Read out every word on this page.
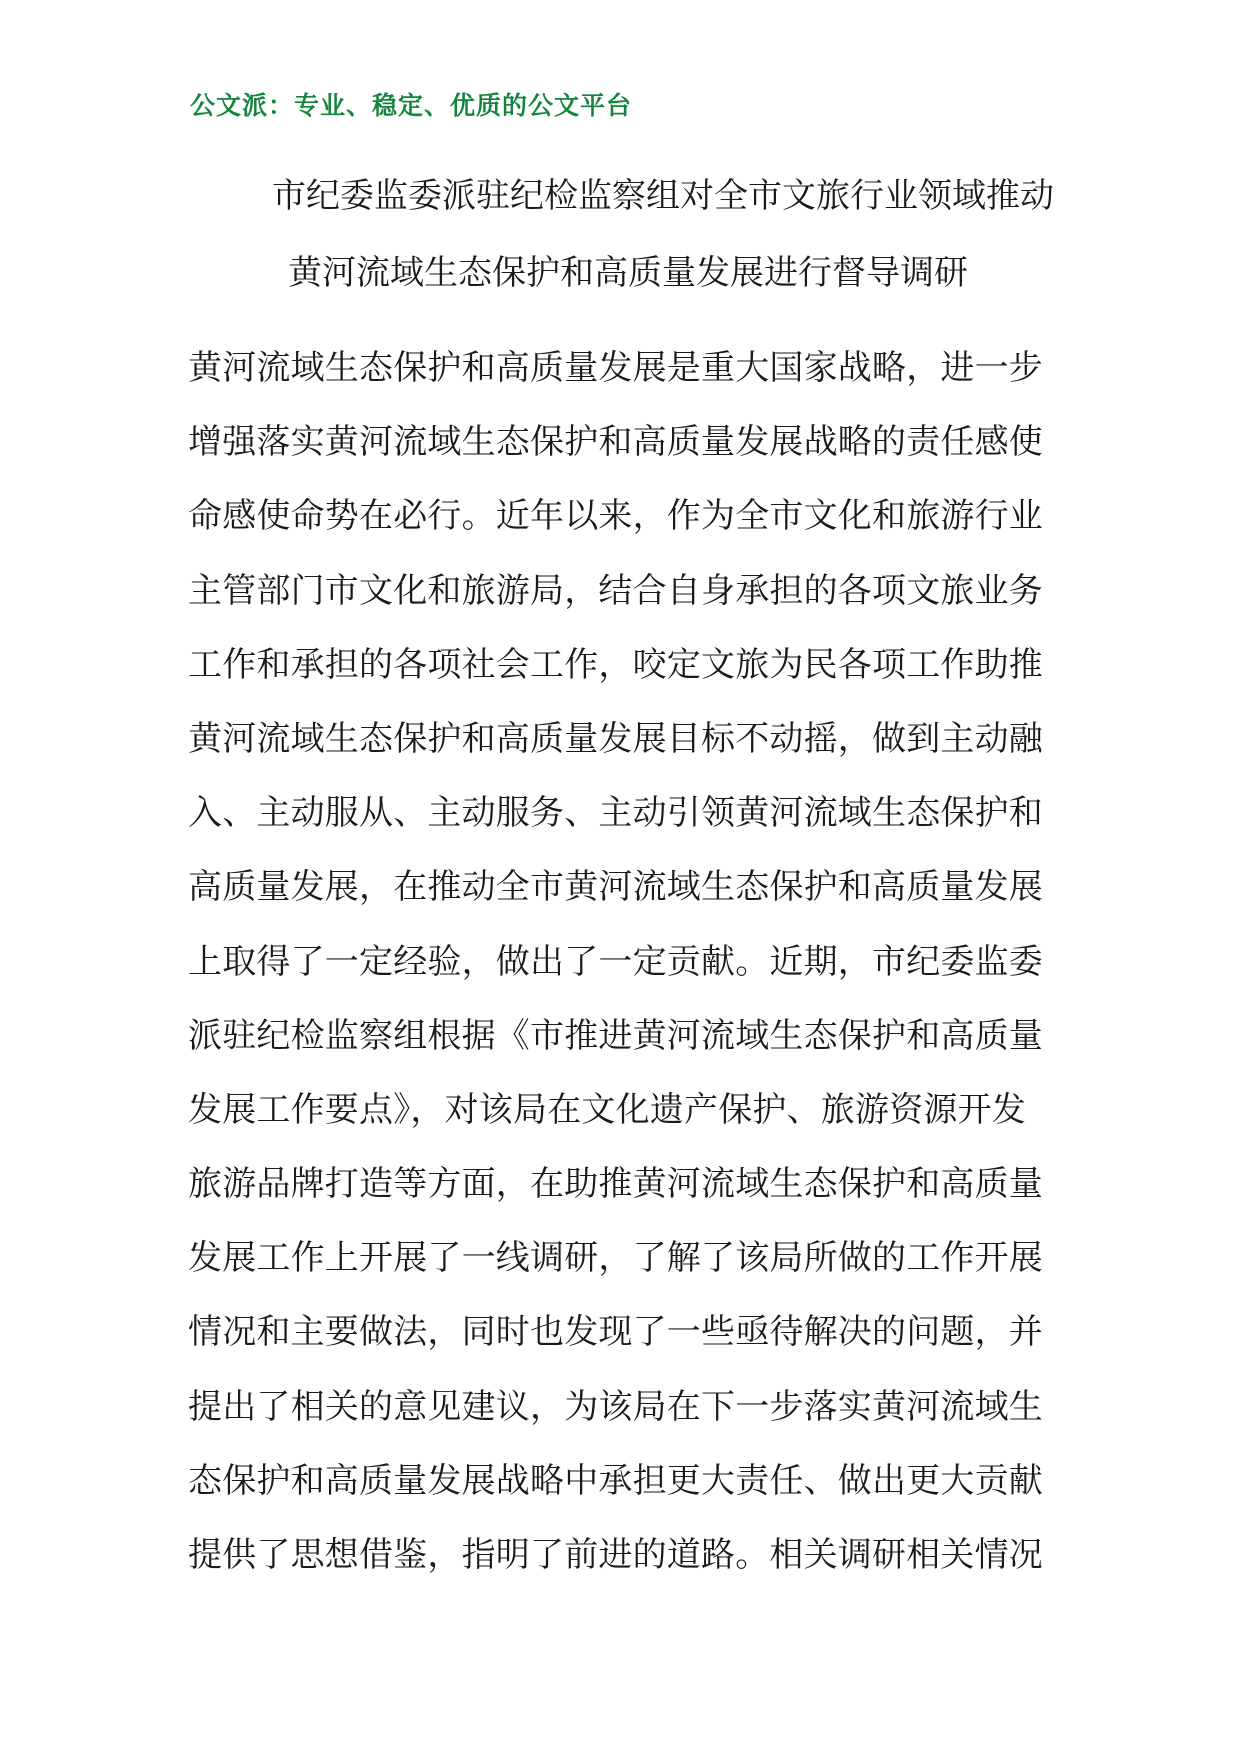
公文派：专业、稳定、优质的公文平台
市纪委监委派驻纪检监察组对全市文旅行业领域推动
黄河流域生态保护和高质量发展进行督导调研
黄河流域生态保护和高质量发展是重大国家战略，进一步
增强落实黄河流域生态保护和高质量发展战略的责任感使
命感使命势在必行。近年以来，作为全市文化和旅游行业
主管部门市文化和旅游局，结合自身承担的各项文旅业务
工作和承担的各项社会工作，咬定文旅为民各项工作助推
黄河流域生态保护和高质量发展目标不动摇，做到主动融
入、主动服从、主动服务、主动引领黄河流域生态保护和
高质量发展，在推动全市黄河流域生态保护和高质量发展
上取得了一定经验，做出了一定贡献。近期，市纪委监委
派驻纪检监察组根据《市推进黄河流域生态保护和高质量
发展工作要点》，对该局在文化遗产保护、旅游资源开发
旅游品牌打造等方面，在助推黄河流域生态保护和高质量
发展工作上开展了一线调研，了解了该局所做的工作开展
情况和主要做法，同时也发现了一些亟待解决的问题，并
提出了相关的意见建议，为该局在下一步落实黄河流域生
态保护和高质量发展战略中承担更大责任、做出更大贡献
提供了思想借鉴，指明了前进的道路。相关调研相关情况
